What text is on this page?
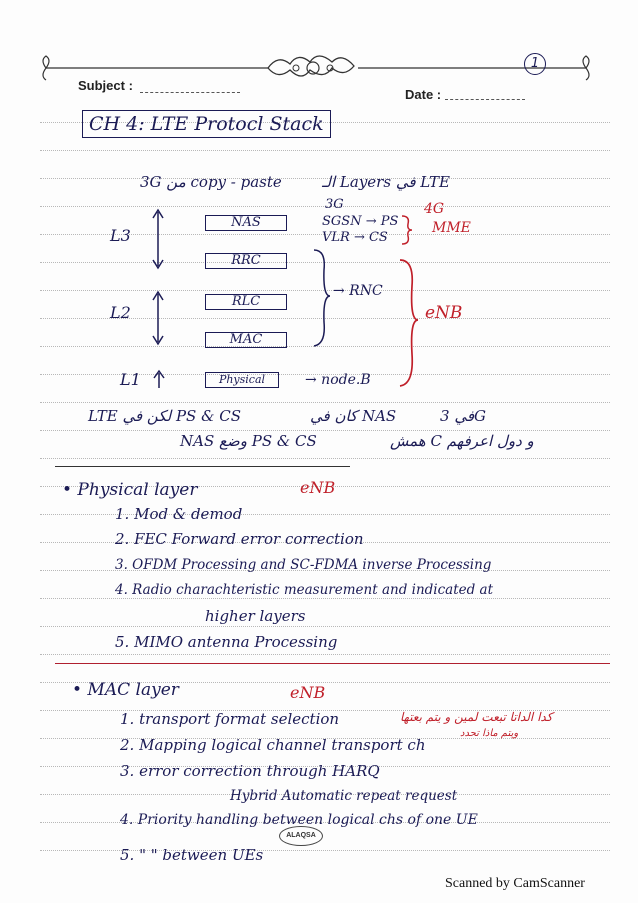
Subject :
Date :
1
CH 4: LTE Protocl Stack
3G من copy - paste	الـ Layers في LTE
L3
L2
L1
NAS
RRC
RLC
MAC
Physical
3G
SGSN → PS
VLR → CS
4G
MME
→ RNC
eNB
→ node.B
LTE لكن في PS & CS	كان في NAS	في 3G
NAS وضع PS & CS	همش C و دول اعرفهم
• Physical layer	eNB
1. Mod & demod
2. FEC Forward error correction
3. OFDM Processing and SC-FDMA inverse Processing
4. Radio charachteristic measurement and indicated at
higher layers
5. MIMO antenna Processing
• MAC layer	eNB
1. transport format selection	كدا الداتا تبعت لمين و يتم بعتها
ويتم ماذا تحدد
2. Mapping logical channel transport ch
3. error correction through HARQ
Hybrid Automatic repeat request
4. Priority handling between logical chs of one UE
5. " " between UEs
ALAQSA
Scanned by CamScanner
